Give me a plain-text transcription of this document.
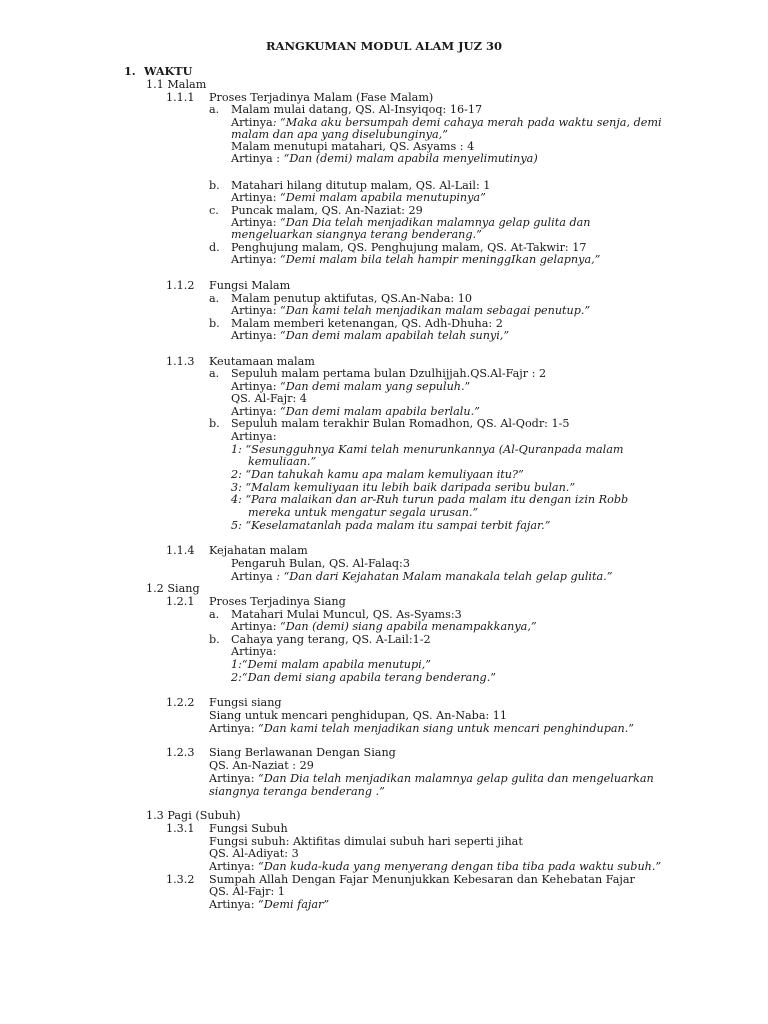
RANGKUMAN MODUL ALAM JUZ 30
1. WAKTU
1.1 Malam
1.1.1 Proses Terjadinya Malam (Fase Malam)
a. Malam mulai datang, QS. Al-Insyiqoq: 16-17
Artinya: “Maka aku bersumpah demi cahaya merah pada waktu senja, demi
malam dan apa yang diselubunginya,”
Malam menutupi matahari, QS. Asyams : 4
Artinya : “Dan (demi) malam apabila menyelimutinya)
b. Matahari hilang ditutup malam, QS. Al-Lail: 1
Artinya: “Demi malam apabila menutupinya”
c. Puncak malam, QS. An-Naziat: 29
Artinya: “Dan Dia telah menjadikan malamnya gelap gulita dan
mengeluarkan siangnya terang benderang.”
d. Penghujung malam, QS. Penghujung malam, QS. At-Takwir: 17
Artinya: “Demi malam bila telah hampir meninggIkan gelapnya,”
1.1.2 Fungsi Malam
a. Malam penutup aktifutas, QS.An-Naba: 10
Artinya: “Dan kami telah menjadikan malam sebagai penutup.”
b. Malam memberi ketenangan, QS. Adh-Dhuha: 2
Artinya: “Dan demi malam apabilah telah sunyi,”
1.1.3 Keutamaan malam
a. Sepuluh malam pertama bulan Dzulhijjah.QS.Al-Fajr : 2
Artinya: “Dan demi malam yang sepuluh.”
QS. Al-Fajr: 4
Artinya: “Dan demi malam apabila berlalu.”
b. Sepuluh malam terakhir Bulan Romadhon, QS. Al-Qodr: 1-5
Artinya:
1: “Sesungguhnya Kami telah menurunkannya (Al-Quranpada malam
kemuliaan.”
2: “Dan tahukah kamu apa malam kemuliyaan itu?”
3: “Malam kemuliyaan itu lebih baik daripada seribu bulan.”
4: “Para malaikan dan ar-Ruh turun pada malam itu dengan izin Robb
mereka untuk mengatur segala urusan.”
5: “Keselamatanlah pada malam itu sampai terbit fajar.”
1.1.4 Kejahatan malam
Pengaruh Bulan, QS. Al-Falaq:3
Artinya : “Dan dari Kejahatan Malam manakala telah gelap gulita.”
1.2 Siang
1.2.1 Proses Terjadinya Siang
a. Matahari Mulai Muncul, QS. As-Syams:3
Artinya: “Dan (demi) siang apabila menampakkanya,”
b. Cahaya yang terang, QS. A-Lail:1-2
Artinya:
1:“Demi malam apabila menutupi,”
2:“Dan demi siang apabila terang benderang.”
1.2.2 Fungsi siang
Siang untuk mencari penghidupan, QS. An-Naba: 11
Artinya: “Dan kami telah menjadikan siang untuk mencari penghindupan.”
1.2.3 Siang Berlawanan Dengan Siang
QS. An-Naziat : 29
Artinya: “Dan Dia telah menjadikan malamnya gelap gulita dan mengeluarkan
siangnya teranga benderang .”
1.3 Pagi (Subuh)
1.3.1 Fungsi Subuh
Fungsi subuh: Aktifitas dimulai subuh hari seperti jihat
QS. Al-Adiyat: 3
Artinya: “Dan kuda-kuda yang menyerang dengan tiba tiba pada waktu subuh.”
1.3.2 Sumpah Allah Dengan Fajar Menunjukkan Kebesaran dan Kehebatan Fajar
QS. Al-Fajr: 1
Artinya: “Demi fajar”
